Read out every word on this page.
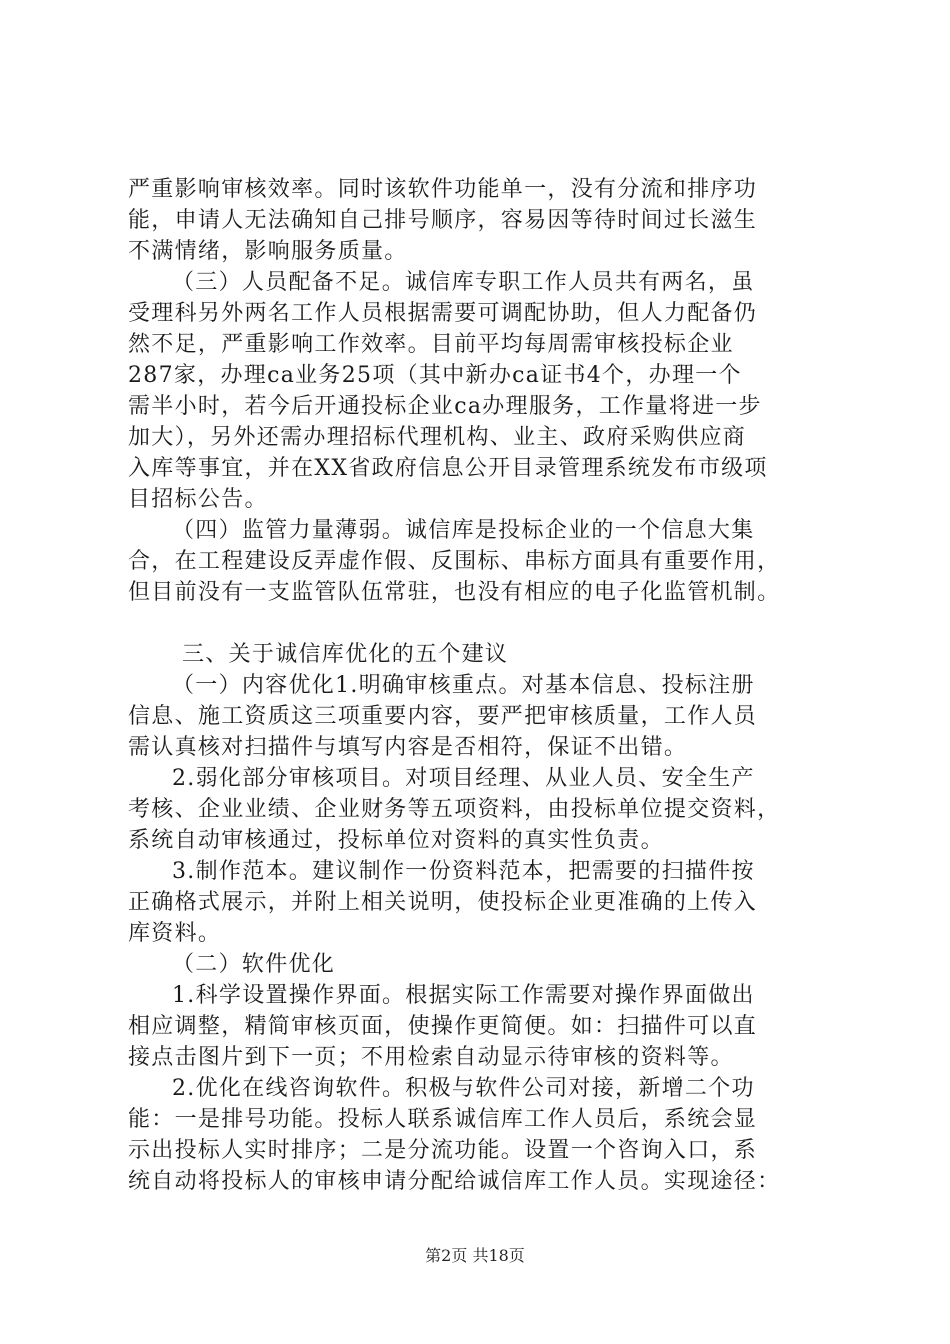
严重影响审核效率。同时该软件功能单一，没有分流和排序功
能，申请人无法确知自己排号顺序，容易因等待时间过长滋生
不满情绪，影响服务质量。
（三）人员配备不足。诚信库专职工作人员共有两名，虽
受理科另外两名工作人员根据需要可调配协助，但人力配备仍
然不足，严重影响工作效率。目前平均每周需审核投标企业
287家，办理ca业务25项（其中新办ca证书4个，办理一个
需半小时，若今后开通投标企业ca办理服务，工作量将进一步
加大），另外还需办理招标代理机构、业主、政府采购供应商
入库等事宜，并在XX省政府信息公开目录管理系统发布市级项
目招标公告。
（四）监管力量薄弱。诚信库是投标企业的一个信息大集
合，在工程建设反弄虚作假、反围标、串标方面具有重要作用，
但目前没有一支监管队伍常驻，也没有相应的电子化监管机制。
三、关于诚信库优化的五个建议
（一）内容优化1.明确审核重点。对基本信息、投标注册
信息、施工资质这三项重要内容，要严把审核质量，工作人员
需认真核对扫描件与填写内容是否相符，保证不出错。
2.弱化部分审核项目。对项目经理、从业人员、安全生产
考核、企业业绩、企业财务等五项资料，由投标单位提交资料，
系统自动审核通过，投标单位对资料的真实性负责。
3.制作范本。建议制作一份资料范本，把需要的扫描件按
正确格式展示，并附上相关说明，使投标企业更准确的上传入
库资料。
（二）软件优化
1.科学设置操作界面。根据实际工作需要对操作界面做出
相应调整，精简审核页面，使操作更简便。如：扫描件可以直
接点击图片到下一页；不用检索自动显示待审核的资料等。
2.优化在线咨询软件。积极与软件公司对接，新增二个功
能：一是排号功能。投标人联系诚信库工作人员后，系统会显
示出投标人实时排序；二是分流功能。设置一个咨询入口，系
统自动将投标人的审核申请分配给诚信库工作人员。实现途径：
第2页 共18页
